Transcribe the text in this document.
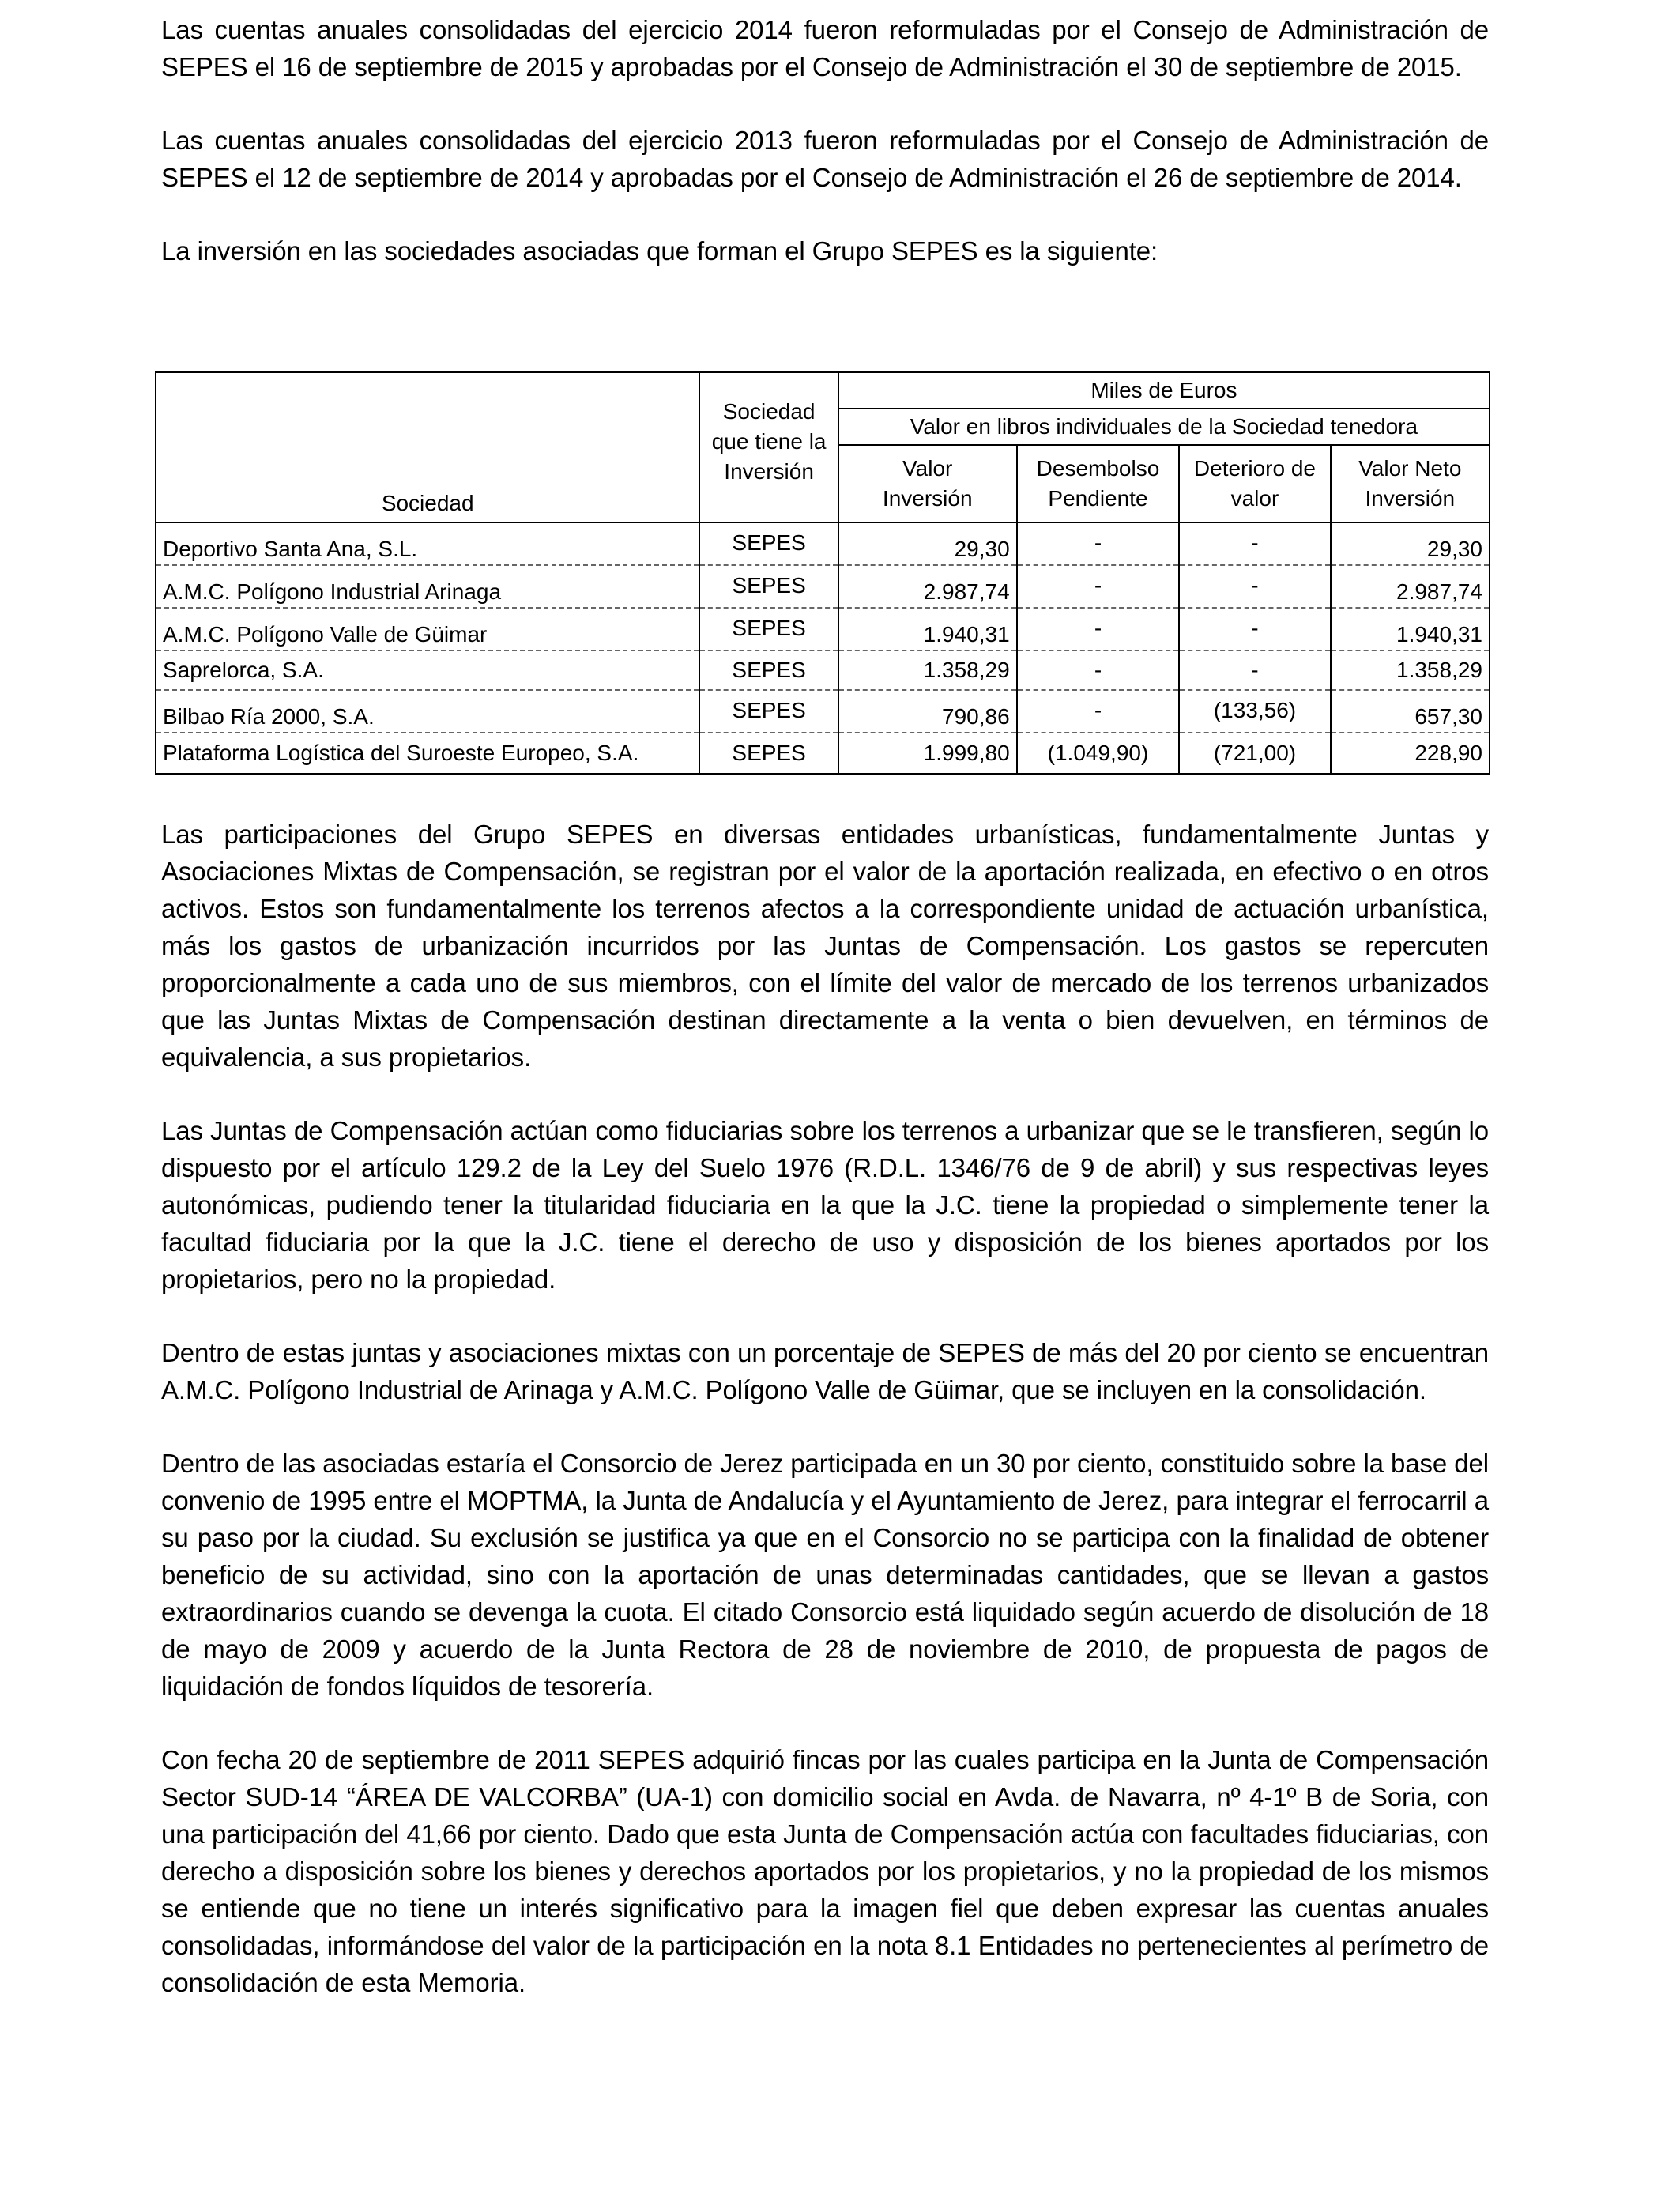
Las cuentas anuales consolidadas del ejercicio 2014 fueron reformuladas por el Consejo de Administración de SEPES el 16 de septiembre de 2015 y aprobadas por el Consejo de Administración el 30 de septiembre de 2015.

Las cuentas anuales consolidadas del ejercicio 2013 fueron reformuladas por el Consejo de Administración de SEPES el 12 de septiembre de 2014 y aprobadas por el Consejo de Administración el 26 de septiembre de 2014.

La inversión en las sociedades asociadas que forman el Grupo SEPES es la siguiente:

Sociedad	Sociedad que tiene la Inversión	Miles de Euros			
		Valor en libros individuales de la Sociedad tenedora			
		Valor Inversión	Desembolso Pendiente	Deterioro de valor	Valor Neto Inversión
Deportivo Santa Ana, S.L.	SEPES	29,30	-	-	29,30
A.M.C. Polígono Industrial Arinaga	SEPES	2.987,74	-	-	2.987,74
A.M.C. Polígono Valle de Güimar	SEPES	1.940,31	-	-	1.940,31
Saprelorca, S.A.	SEPES	1.358,29	-	-	1.358,29
Bilbao Ría 2000, S.A.	SEPES	790,86	-	(133,56)	657,30
Plataforma Logística del Suroeste Europeo, S.A.	SEPES	1.999,80	(1.049,90)	(721,00)	228,90

Las participaciones del Grupo SEPES en diversas entidades urbanísticas, fundamentalmente Juntas y Asociaciones Mixtas de Compensación, se registran por el valor de la aportación realizada, en efectivo o en otros activos. Estos son fundamentalmente los terrenos afectos a la correspondiente unidad de actuación urbanística, más los gastos de urbanización incurridos por las Juntas de Compensación. Los gastos se repercuten proporcionalmente a cada uno de sus miembros, con el límite del valor de mercado de los terrenos urbanizados que las Juntas Mixtas de Compensación destinan directamente a la venta o bien devuelven, en términos de equivalencia, a sus propietarios.

Las Juntas de Compensación actúan como fiduciarias sobre los terrenos a urbanizar que se le transfieren, según lo dispuesto por el artículo 129.2 de la Ley del Suelo 1976 (R.D.L. 1346/76 de 9 de abril) y sus respectivas leyes autonómicas, pudiendo tener la titularidad fiduciaria en la que la J.C. tiene la propiedad o simplemente tener la facultad fiduciaria por la que la J.C. tiene el derecho de uso y disposición de los bienes aportados por los propietarios, pero no la propiedad.

Dentro de estas juntas y asociaciones mixtas con un porcentaje de SEPES de más del 20 por ciento se encuentran A.M.C. Polígono Industrial de Arinaga y A.M.C. Polígono Valle de Güimar, que se incluyen en la consolidación.

Dentro de las asociadas estaría el Consorcio de Jerez participada en un 30 por ciento, constituido sobre la base del convenio de 1995 entre el MOPTMA, la Junta de Andalucía y el Ayuntamiento de Jerez, para integrar el ferrocarril a su paso por la ciudad. Su exclusión se justifica ya que en el Consorcio no se participa con la finalidad de obtener beneficio de su actividad, sino con la aportación de unas determinadas cantidades, que se llevan a gastos extraordinarios cuando se devenga la cuota. El citado Consorcio está liquidado según acuerdo de disolución de 18 de mayo de 2009 y acuerdo de la Junta Rectora de 28 de noviembre de 2010, de propuesta de pagos de liquidación de fondos líquidos de tesorería.

Con fecha 20 de septiembre de 2011 SEPES adquirió fincas por las cuales participa en la Junta de Compensación Sector SUD-14 “ÁREA DE VALCORBA” (UA-1) con domicilio social en Avda. de Navarra, nº 4-1º B de Soria, con una participación del 41,66 por ciento. Dado que esta Junta de Compensación actúa con facultades fiduciarias, con derecho a disposición sobre los bienes y derechos aportados por los propietarios, y no la propiedad de los mismos se entiende que no tiene un interés significativo para la imagen fiel que deben expresar las cuentas anuales consolidadas, informándose del valor de la participación en la nota 8.1 Entidades no pertenecientes al perímetro de consolidación de esta Memoria.
